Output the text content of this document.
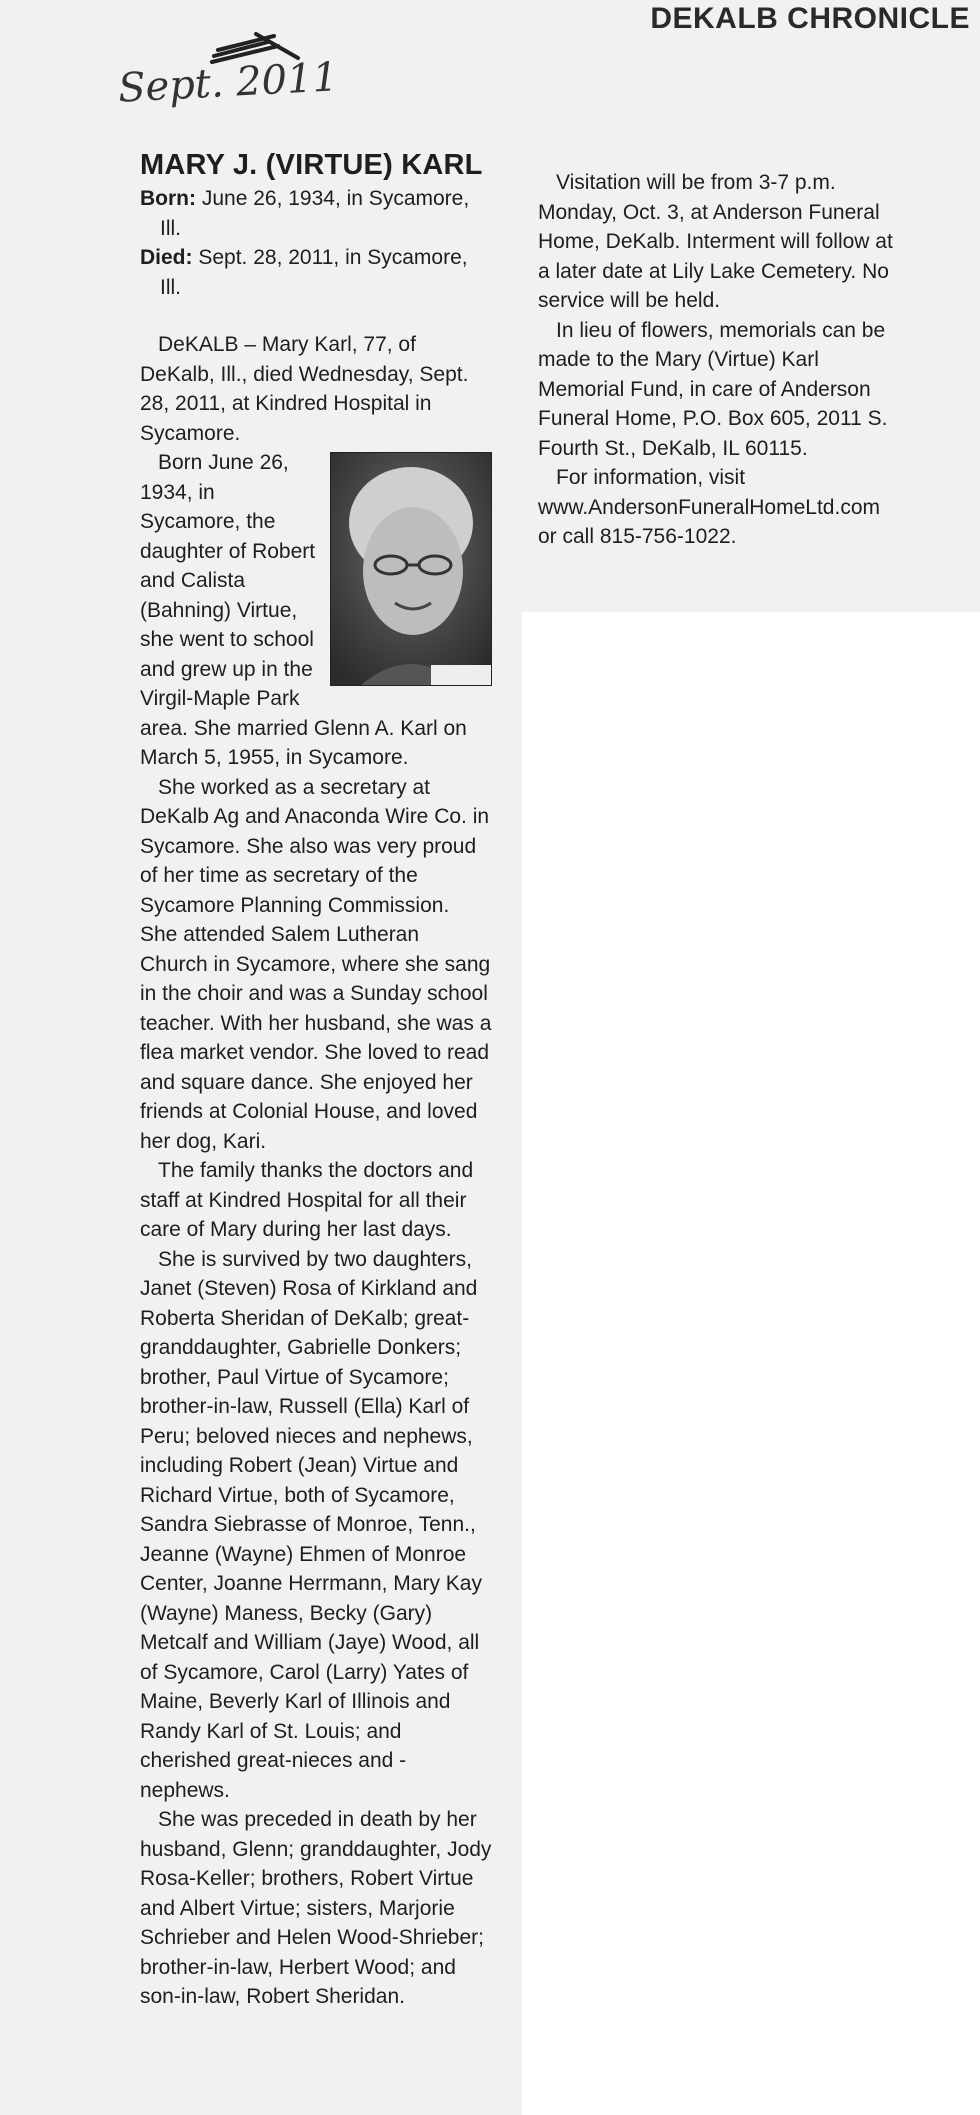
DEKALB CHRONICLE
Sept. 2011
MARY J. (VIRTUE) KARL

Born: June 26, 1934, in Sycamore, Ill.

Died: Sept. 28, 2011, in Sycamore, Ill.

DeKALB – Mary Karl, 77, of DeKalb, Ill., died Wednesday, Sept. 28, 2011, at Kindred Hospital in Sycamore.

Born June 26, 1934, in Sycamore, the daughter of Robert and Calista (Bahning) Virtue, she went to school and grew up in the Virgil-Maple Park area. She married Glenn A. Karl on March 5, 1955, in Sycamore.

She worked as a secretary at DeKalb Ag and Anaconda Wire Co. in Sycamore. She also was very proud of her time as secretary of the Sycamore Planning Commission. She attended Salem Lutheran Church in Sycamore, where she sang in the choir and was a Sunday school teacher. With her husband, she was a flea market vendor. She loved to read and square dance. She enjoyed her friends at Colonial House, and loved her dog, Kari.

The family thanks the doctors and staff at Kindred Hospital for all their care of Mary during her last days.

She is survived by two daughters, Janet (Steven) Rosa of Kirkland and Roberta Sheridan of DeKalb; great-granddaughter, Gabrielle Donkers; brother, Paul Virtue of Sycamore; brother-in-law, Russell (Ella) Karl of Peru; beloved nieces and nephews, including Robert (Jean) Virtue and Richard Virtue, both of Sycamore, Sandra Siebrasse of Monroe, Tenn., Jeanne (Wayne) Ehmen of Monroe Center, Joanne Herrmann, Mary Kay (Wayne) Maness, Becky (Gary) Metcalf and William (Jaye) Wood, all of Sycamore, Carol (Larry) Yates of Maine, Beverly Karl of Illinois and Randy Karl of St. Louis; and cherished great-nieces and -nephews.

She was preceded in death by her husband, Glenn; granddaughter, Jody Rosa-Keller; brothers, Robert Virtue and Albert Virtue; sisters, Marjorie Schrieber and Helen Wood-Shrieber; brother-in-law, Herbert Wood; and son-in-law, Robert Sheridan.

Visitation will be from 3-7 p.m. Monday, Oct. 3, at Anderson Funeral Home, DeKalb. Interment will follow at a later date at Lily Lake Cemetery. No service will be held.

In lieu of flowers, memorials can be made to the Mary (Virtue) Karl Memorial Fund, in care of Anderson Funeral Home, P.O. Box 605, 2011 S. Fourth St., DeKalb, IL 60115.

For information, visit www.AndersonFuneralHomeLtd.com or call 815-756-1022.
